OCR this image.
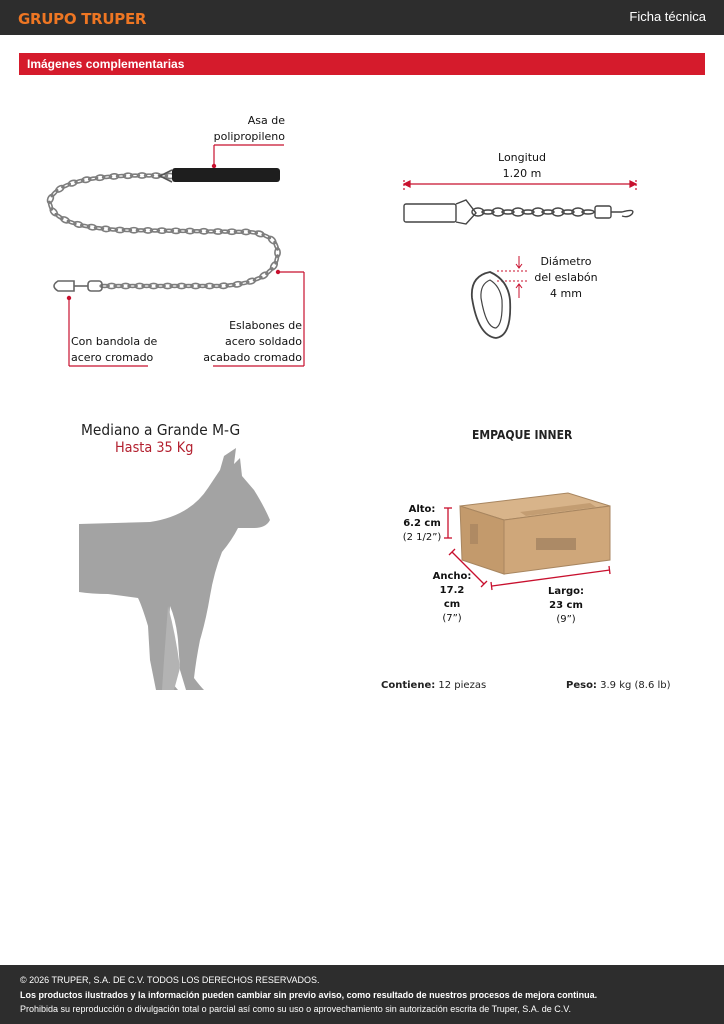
GRUPO TRUPER	Ficha técnica
Imágenes complementarias
Asa de
polipropileno
Con bandola de
acero cromado
Eslabones de
acero soldado
acabado cromado
Longitud
1.20 m
Diámetro
del eslabón
4 mm
Mediano a Grande M-G
Hasta 35 Kg
EMPAQUE INNER
Alto:
6.2 cm
(2 1/2”)
Ancho:
17.2 cm
(7”)
Largo:
23 cm
(9”)
Contiene: 12 piezas	Peso: 3.9 kg (8.6 lb)
© 2026 TRUPER, S.A. DE C.V. TODOS LOS DERECHOS RESERVADOS.
Los productos ilustrados y la información pueden cambiar sin previo aviso, como resultado de nuestros procesos de mejora continua.
Prohibida su reproducción o divulgación total o parcial así como su uso o aprovechamiento sin autorización escrita de Truper, S.A. de C.V.
